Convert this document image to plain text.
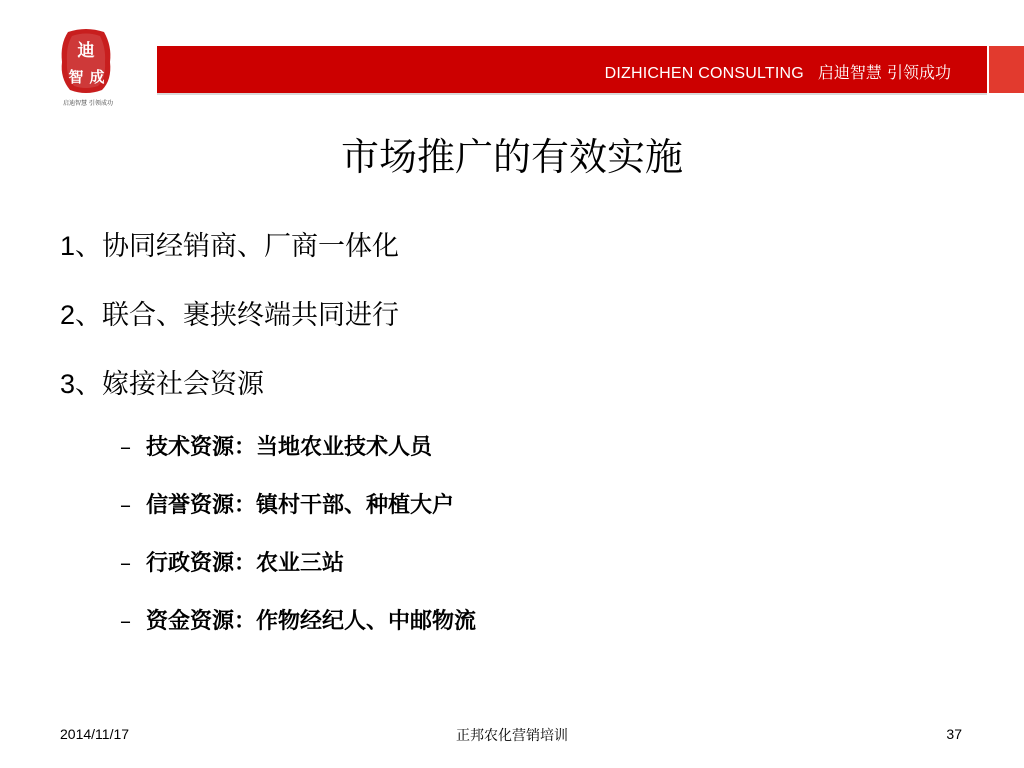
迪
智 成
启迪智慧 引领成功
DIZHICHEN CONSULTING 启迪智慧 引领成功
市场推广的有效实施
1、协同经销商、厂商一体化
2、联合、裹挟终端共同进行
3、嫁接社会资源
– 技术资源：当地农业技术人员
– 信誉资源：镇村干部、种植大户
– 行政资源：农业三站
– 资金资源：作物经纪人、中邮物流
2014/11/17	正邦农化营销培训	37
